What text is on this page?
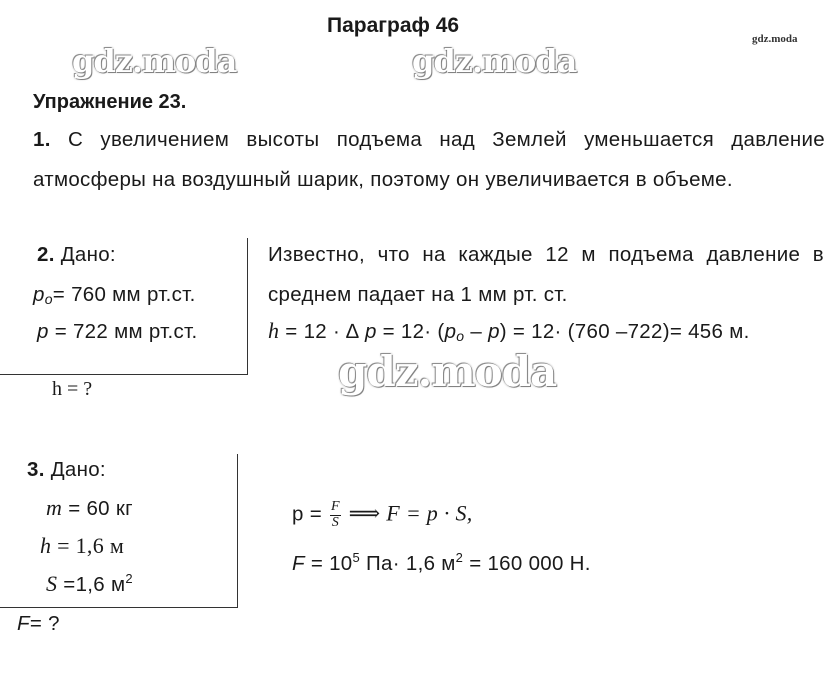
Параграф 46
gdz.moda
gdz.moda	gdz.moda
gdz.moda
Упражнение 23.
1. С увеличением высоты подъема над Землей уменьшается давление
атмосферы на воздушный шарик, поэтому он увеличивается в объеме.
2. Дано:
$p_o= 760$ мм рт.ст.
p = 722 мм рт.ст.
h = ?
Известно, что на каждые 12 м подъема давление в
среднем падает на 1 мм рт. ст.
h = 12 · ∆ $p = 12\cdot (p_o - p) = 12\cdot (760$ –722)= 456 м.
3. Дано:
m = 60 кг
h = 1,6 м
S =1,6 $м^2$
F= ?
$p = \frac{F}{S}$ ⟹ F = p · S,
$F = 10^5$ Па· 1,6 $м^2 = 160$ 000 Н.
